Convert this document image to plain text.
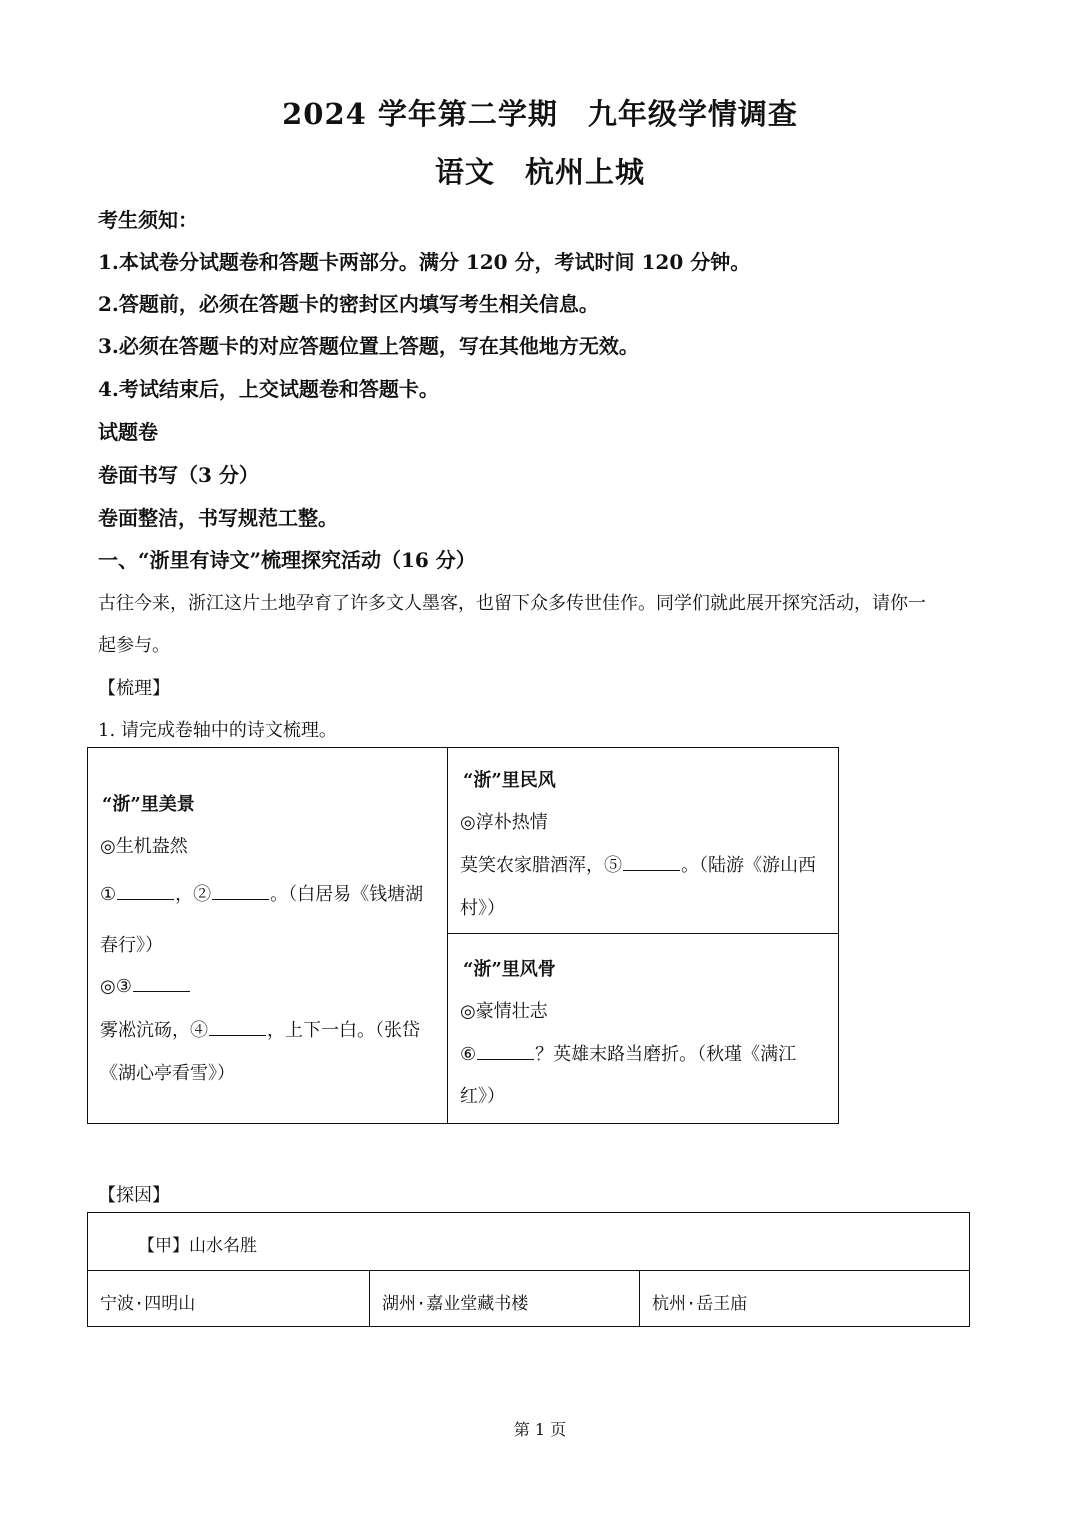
2024 学年第二学期　九年级学情调查
语文　杭州上城
考生须知：
1.本试卷分试题卷和答题卡两部分。满分 120 分，考试时间 120 分钟。
2.答题前，必须在答题卡的密封区内填写考生相关信息。
3.必须在答题卡的对应答题位置上答题，写在其他地方无效。
4.考试结束后，上交试题卷和答题卡。
试题卷
卷面书写（3 分）
卷面整洁，书写规范工整。
一、“浙里有诗文”梳理探究活动（16 分）
古往今来，浙江这片土地孕育了许多文人墨客，也留下众多传世佳作。同学们就此展开探究活动，请你一
起参与。
【梳理】
1. 请完成卷轴中的诗文梳理。
“浙”里美景
◎生机盎然
①	，②	。（白居易《钱塘湖
春行》）
◎③
雾凇沆砀，④	，上下一白。（张岱
《湖心亭看雪》）
“浙”里民风
◎淳朴热情
莫笑农家腊酒浑，⑤	。（陆游《游山西
村》）
“浙”里风骨
◎豪情壮志
⑥	？英雄末路当磨折。（秋瑾《满江
红》）
【探因】
【甲】山水名胜
宁波·四明山	湖州·嘉业堂藏书楼	杭州·岳王庙
第 1 页
